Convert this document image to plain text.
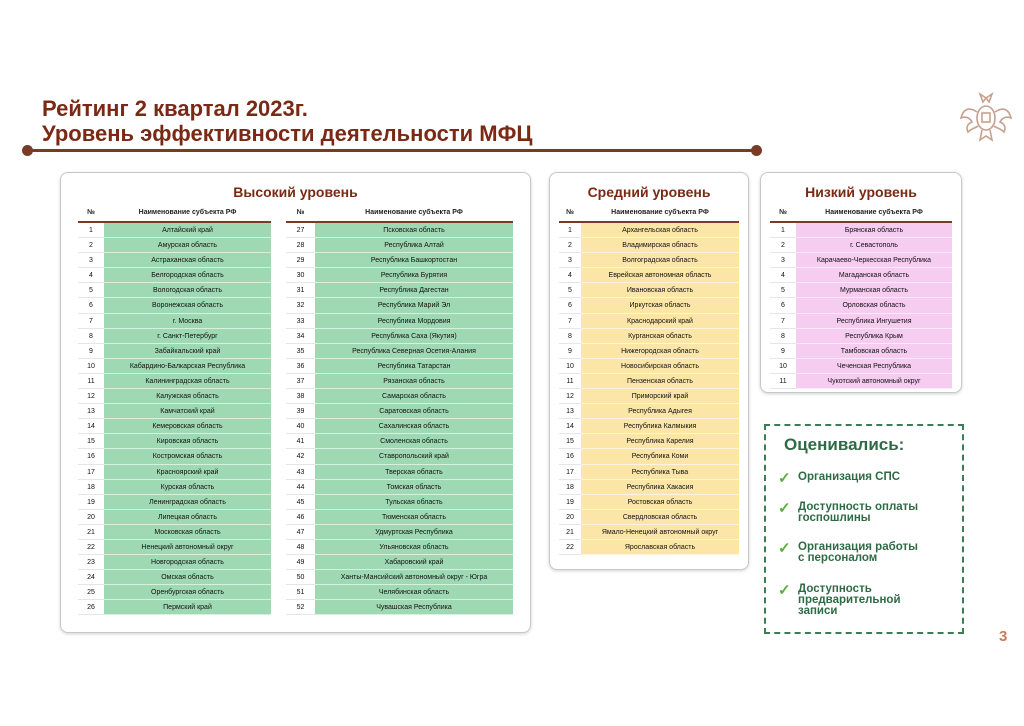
Рейтинг 2 квартал 2023г.
Уровень эффективности деятельности МФЦ
Высокий уровень
№	Наименование субъекта РФ
1	Алтайский край
2	Амурская область
3	Астраханская область
4	Белгородская область
5	Вологодская область
6	Воронежская область
7	г. Москва
8	г. Санкт-Петербург
9	Забайкальский край
10	Кабардино-Балкарская Республика
11	Калининградская область
12	Калужская область
13	Камчатский край
14	Кемеровская область
15	Кировская область
16	Костромская область
17	Красноярский край
18	Курская область
19	Ленинградская область
20	Липецкая область
21	Московская область
22	Ненецкий автономный округ
23	Новгородская область
24	Омская область
25	Оренбургская область
26	Пермский край
№	Наименование субъекта РФ
27	Псковская область
28	Республика Алтай
29	Республика Башкортостан
30	Республика Бурятия
31	Республика Дагестан
32	Республика Марий Эл
33	Республика Мордовия
34	Республика Саха (Якутия)
35	Республика Северная Осетия-Алания
36	Республика Татарстан
37	Рязанская область
38	Самарская область
39	Саратовская область
40	Сахалинская область
41	Смоленская область
42	Ставропольский край
43	Тверская область
44	Томская область
45	Тульская область
46	Тюменская область
47	Удмуртская Республика
48	Ульяновская область
49	Хабаровский край
50	Ханты-Мансийский автономный округ - Югра
51	Челябинская область
52	Чувашская Республика
Средний уровень
№	Наименование субъекта РФ
1	Архангельская область
2	Владимирская область
3	Волгоградская область
4	Еврейская автономная область
5	Ивановская область
6	Иркутская область
7	Краснодарский край
8	Курганская область
9	Нижегородская область
10	Новосибирская область
11	Пензенская область
12	Приморский край
13	Республика Адыгея
14	Республика Калмыкия
15	Республика Карелия
16	Республика Коми
17	Республика Тыва
18	Республика Хакасия
19	Ростовская область
20	Свердловская область
21	Ямало-Ненецкий автономный округ
22	Ярославская область
Низкий уровень
№	Наименование субъекта РФ
1	Брянская область
2	г. Севастополь
3	Карачаево-Черкесская Республика
4	Магаданская область
5	Мурманская область
6	Орловская область
7	Республика Ингушетия
8	Республика Крым
9	Тамбовская область
10	Чеченская Республика
11	Чукотский автономный округ
Оценивались:
✓ Организация СПС
✓ Доступность оплаты
госпошлины
✓ Организация работы
с персоналом
✓ Доступность
предварительной
записи
3
